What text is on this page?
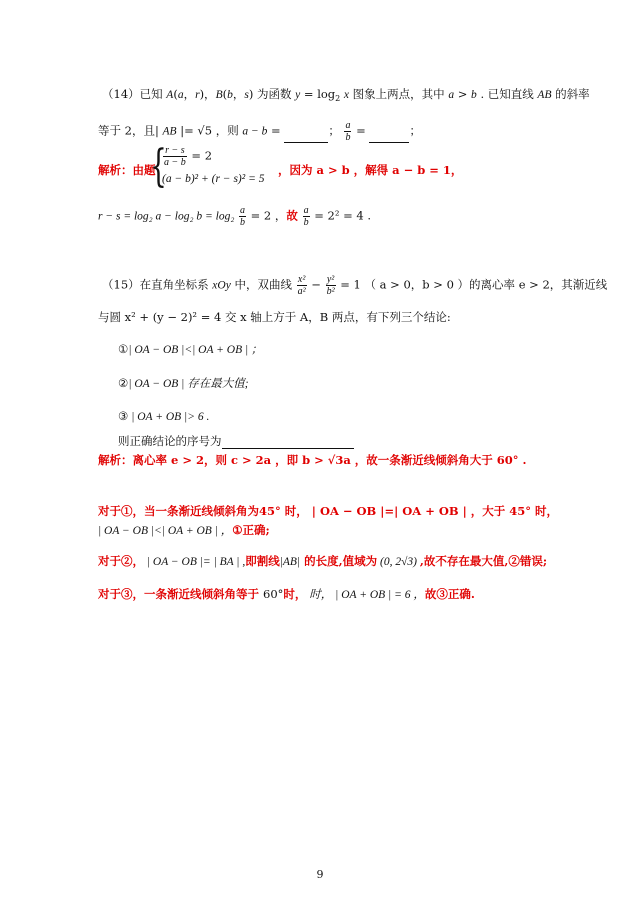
（14）已知 A(a，r)，B(b，s) 为函数 $y = \log_2 x$ 图象上两点，其中 a > b . 已知直线 AB 的斜率
等于 2，且| AB |= √5 ，则 a − b =	； $\frac{a}{b}$ =	；
解析：由题
{
$\frac{r - s}{a - b} = 2$
(a − b)² + (r − s)² = 5
，因为 a > b ，解得 a − b = 1，
r − s = log₂ a − log₂ $b = \log_2 \frac{a}{b} = 2$ ，故 $\frac{a}{b} = 2^2 = 4$ .
（15）在直角坐标系 xOy 中，双曲线 $\frac{\text{x²}}{\text{a²}} - \frac{\text{y²}}{\text{b²}} = 1$ （ a > 0，b > 0 ）的离心率 e > 2，其渐近线
与圆 x² + (y − 2)² = 4 交 x 轴上方于 A，B 两点，有下列三个结论:
①| OA − OB |<| OA + OB | ；
②| OA − OB | 存在最大值;
③ | OA + OB |> 6 .
则正确结论的序号为
解析：离心率 e > 2，则 c > 2a ，即 b > √3a ，故一条渐近线倾斜角大于 60° .
对于①，当一条渐近线倾斜角为45° 时， | OA − OB |=| OA + OB | ，大于 45° 时，
| OA − OB |<| OA + OB | ，①正确;
对于②， | OA − OB |= | BA | ,即割线|AB| 的长度,值域为 (0, 2√3) ,故不存在最大值,②错误;
对于③，一条渐近线倾斜角等于 60°时， 时， | OA + OB | = 6 ，故③正确.
9
